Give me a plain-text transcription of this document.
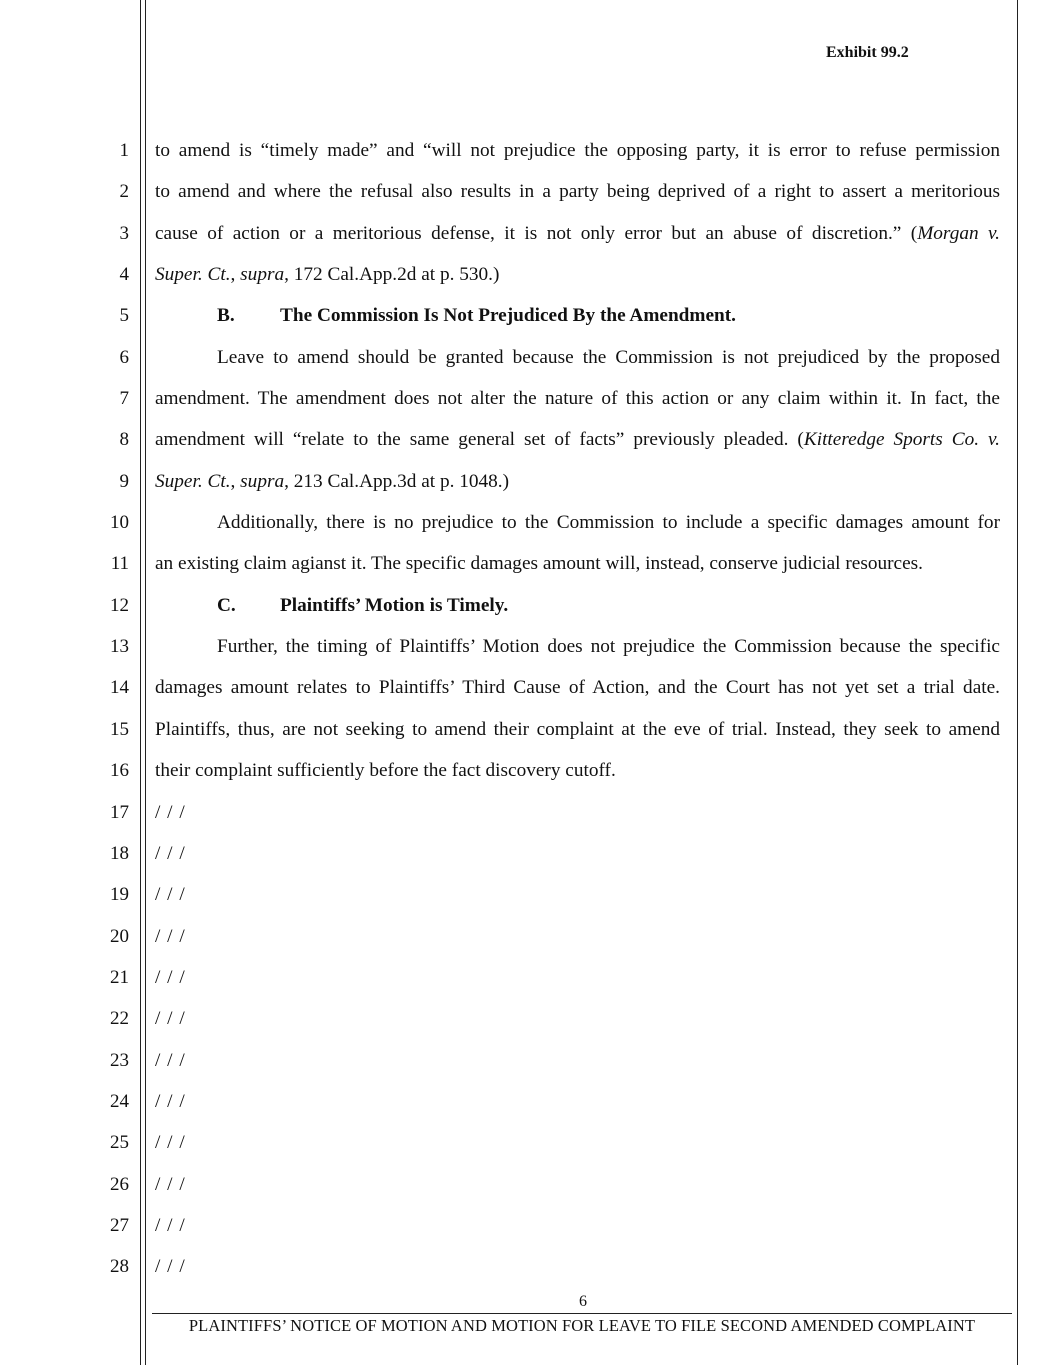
Exhibit 99.2
1
2
3
4
5
6
7
8
9
10
11
12
13
14
15
16
17
18
19
20
21
22
23
24
25
26
27
28
to amend is “timely made” and “will not prejudice the opposing party, it is error to refuse permission
to amend and where the refusal also results in a party being deprived of a right to assert a meritorious
cause of action or a meritorious defense, it is not only error but an abuse of discretion.” (Morgan v.
Super. Ct., supra, 172 Cal.App.2d at p. 530.)
B. The Commission Is Not Prejudiced By the Amendment.
Leave to amend should be granted because the Commission is not prejudiced by the proposed
amendment. The amendment does not alter the nature of this action or any claim within it. In fact, the
amendment will “relate to the same general set of facts” previously pleaded. (Kitteredge Sports Co. v.
Super. Ct., supra, 213 Cal.App.3d at p. 1048.)
Additionally, there is no prejudice to the Commission to include a specific damages amount for
an existing claim agianst it. The specific damages amount will, instead, conserve judicial resources.
C. Plaintiffs’ Motion is Timely.
Further, the timing of Plaintiffs’ Motion does not prejudice the Commission because the specific
damages amount relates to Plaintiffs’ Third Cause of Action, and the Court has not yet set a trial date.
Plaintiffs, thus, are not seeking to amend their complaint at the eve of trial. Instead, they seek to amend
their complaint sufficiently before the fact discovery cutoff.
/ / /
/ / /
/ / /
/ / /
/ / /
/ / /
/ / /
/ / /
/ / /
/ / /
/ / /
/ / /
6
PLAINTIFFS’ NOTICE OF MOTION AND MOTION FOR LEAVE TO FILE SECOND AMENDED COMPLAINT
